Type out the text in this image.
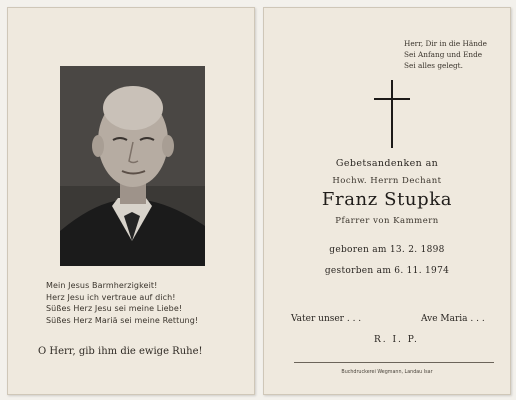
Mein Jesus Barmherzigkeit!
Herz Jesu ich vertraue auf dich!
Süßes Herz Jesu sei meine Liebe!
Süßes Herz Mariä sei meine Rettung!
O Herr, gib ihm die ewige Ruhe!
Herr, Dir in die Hände
Sei Anfang und Ende
Sei alles gelegt.
Gebetsandenken an
Hochw. Herrn Dechant
Franz Stupka
Pfarrer von Kammern
geboren am 13. 2. 1898
gestorben am 6. 11. 1974
Vater unser . . .	Ave Maria . . .
R. I. P.
Buchdruckerei Wegmann, Landau Isar
